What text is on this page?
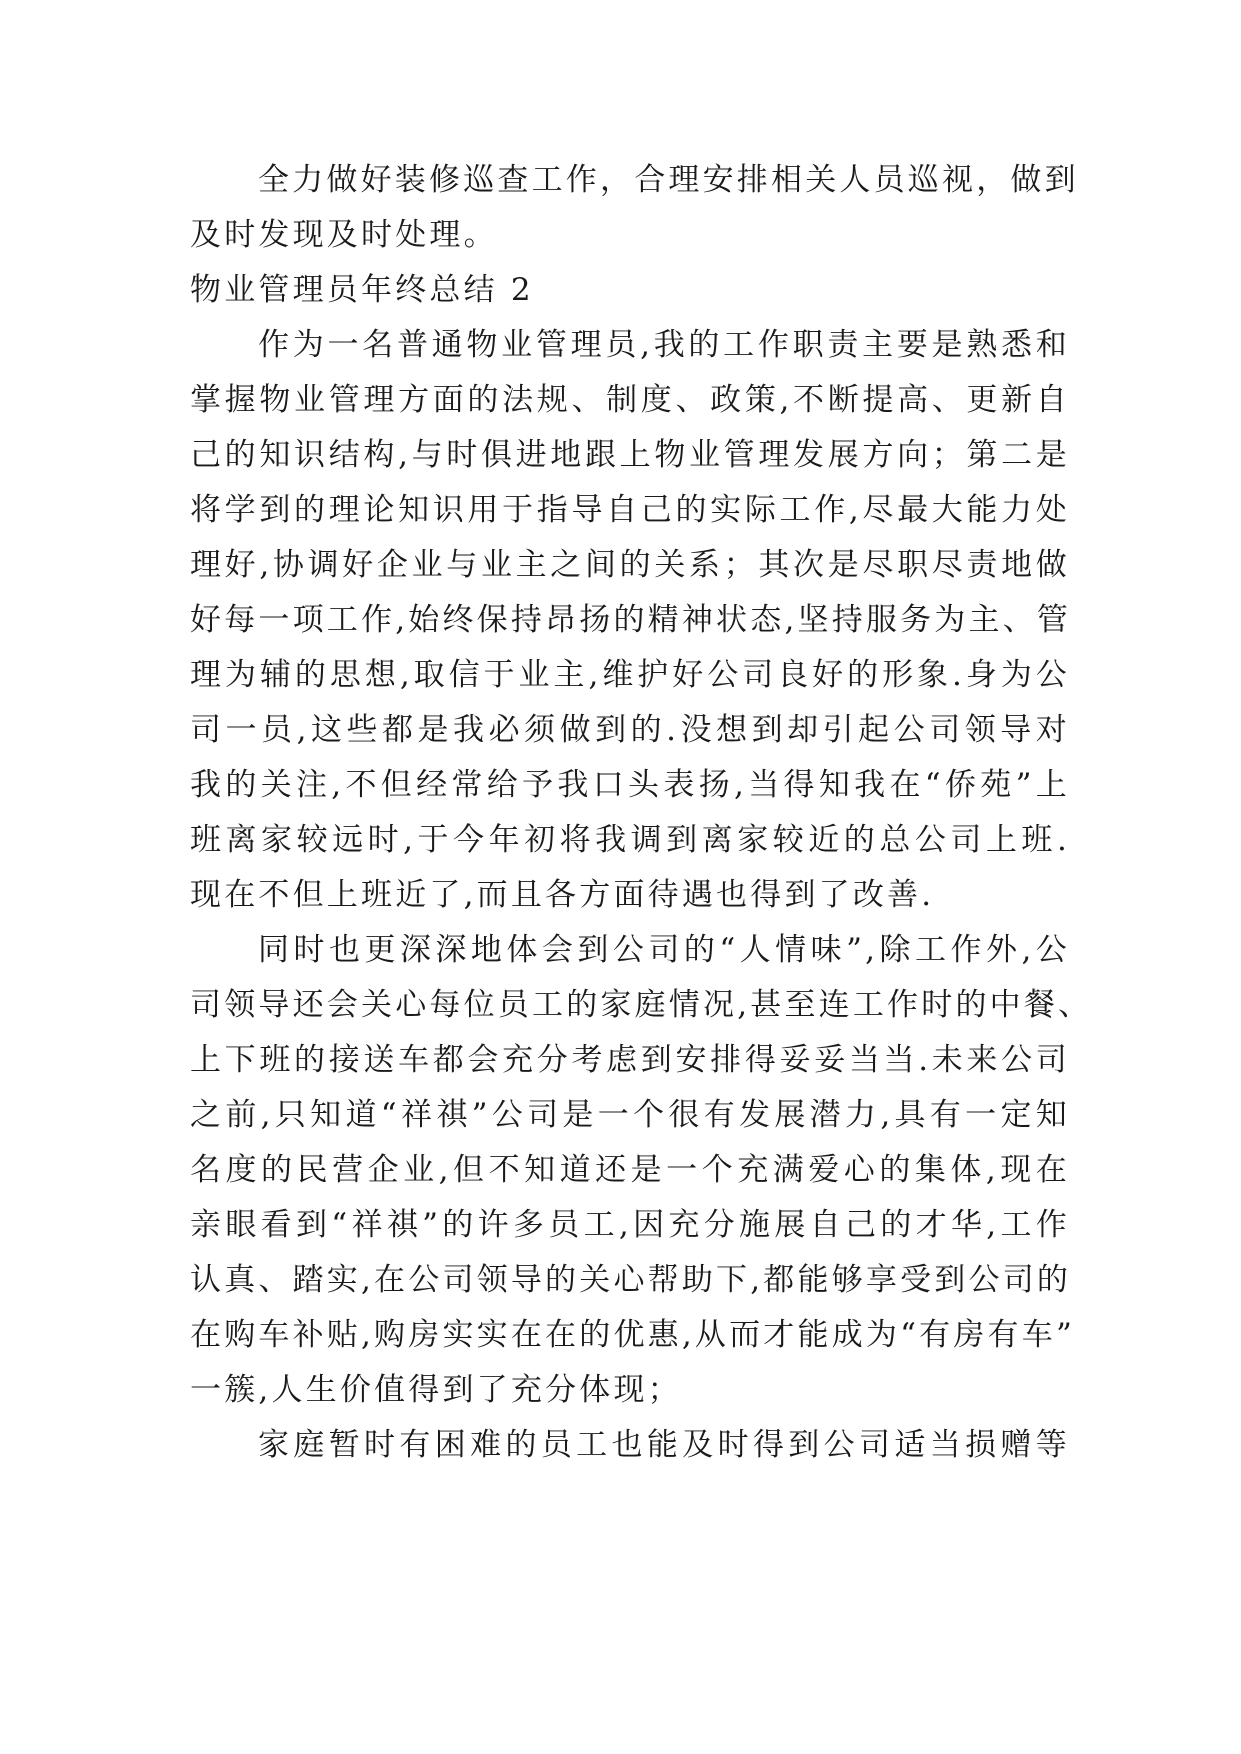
全力做好装修巡查工作，合理安排相关人员巡视，做到
及时发现及时处理。
物业管理员年终总结 2
作为一名普通物业管理员,我的工作职责主要是熟悉和
掌握物业管理方面的法规、制度、政策,不断提高、更新自
己的知识结构,与时俱进地跟上物业管理发展方向；第二是
将学到的理论知识用于指导自己的实际工作,尽最大能力处
理好,协调好企业与业主之间的关系；其次是尽职尽责地做
好每一项工作,始终保持昂扬的精神状态,坚持服务为主、管
理为辅的思想,取信于业主,维护好公司良好的形象.身为公
司一员,这些都是我必须做到的.没想到却引起公司领导对
我的关注,不但经常给予我口头表扬,当得知我在“侨苑”上
班离家较远时,于今年初将我调到离家较近的总公司上班.
现在不但上班近了,而且各方面待遇也得到了改善.
同时也更深深地体会到公司的“人情味”,除工作外,公
司领导还会关心每位员工的家庭情况,甚至连工作时的中餐、
上下班的接送车都会充分考虑到安排得妥妥当当.未来公司
之前,只知道“祥祺”公司是一个很有发展潜力,具有一定知
名度的民营企业,但不知道还是一个充满爱心的集体,现在
亲眼看到“祥祺”的许多员工,因充分施展自己的才华,工作
认真、踏实,在公司领导的关心帮助下,都能够享受到公司的
在购车补贴,购房实实在在的优惠,从而才能成为“有房有车”
一簇,人生价值得到了充分体现；
家庭暂时有困难的员工也能及时得到公司适当损赠等
